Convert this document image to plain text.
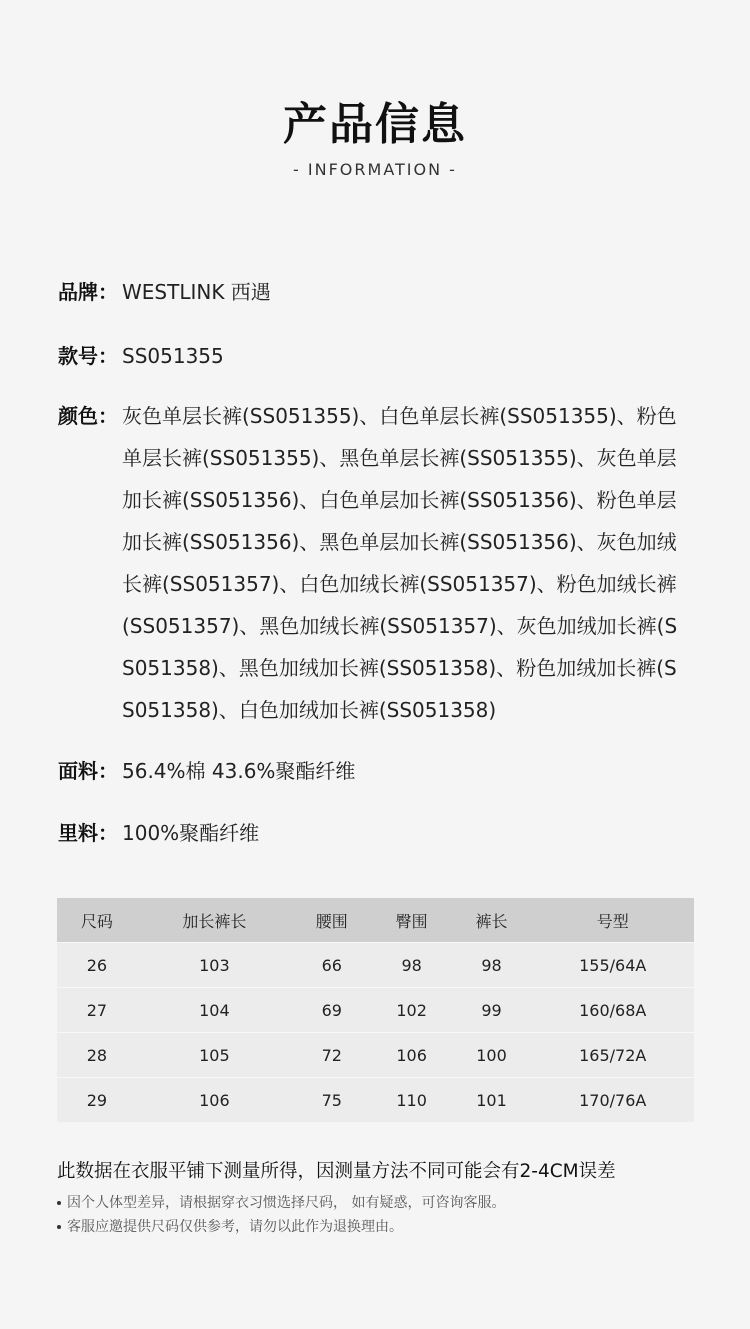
产品信息
- INFORMATION -
品牌： WESTLINK 西遇
款号： SS051355
颜色： 灰色单层长裤(SS051355)、白色单层长裤(SS051355)、粉色单层长裤(SS051355)、黑色单层长裤(SS051355)、灰色单层加长裤(SS051356)、白色单层加长裤(SS051356)、粉色单层加长裤(SS051356)、黑色单层加长裤(SS051356)、灰色加绒长裤(SS051357)、白色加绒长裤(SS051357)、粉色加绒长裤(SS051357)、黑色加绒长裤(SS051357)、灰色加绒加长裤(SS051358)、黑色加绒加长裤(SS051358)、粉色加绒加长裤(SS051358)、白色加绒加长裤(SS051358)
面料： 56.4%棉 43.6%聚酯纤维
里料： 100%聚酯纤维
尺码	加长裤长	腰围	臀围	裤长	号型
26	103	66	98	98	155/64A
27	104	69	102	99	160/68A
28	105	72	106	100	165/72A
29	106	75	110	101	170/76A
此数据在衣服平铺下测量所得，因测量方法不同可能会有2-4CM误差
因个人体型差异，请根据穿衣习惯选择尺码， 如有疑惑，可咨询客服。
客服应邀提供尺码仅供参考，请勿以此作为退换理由。
